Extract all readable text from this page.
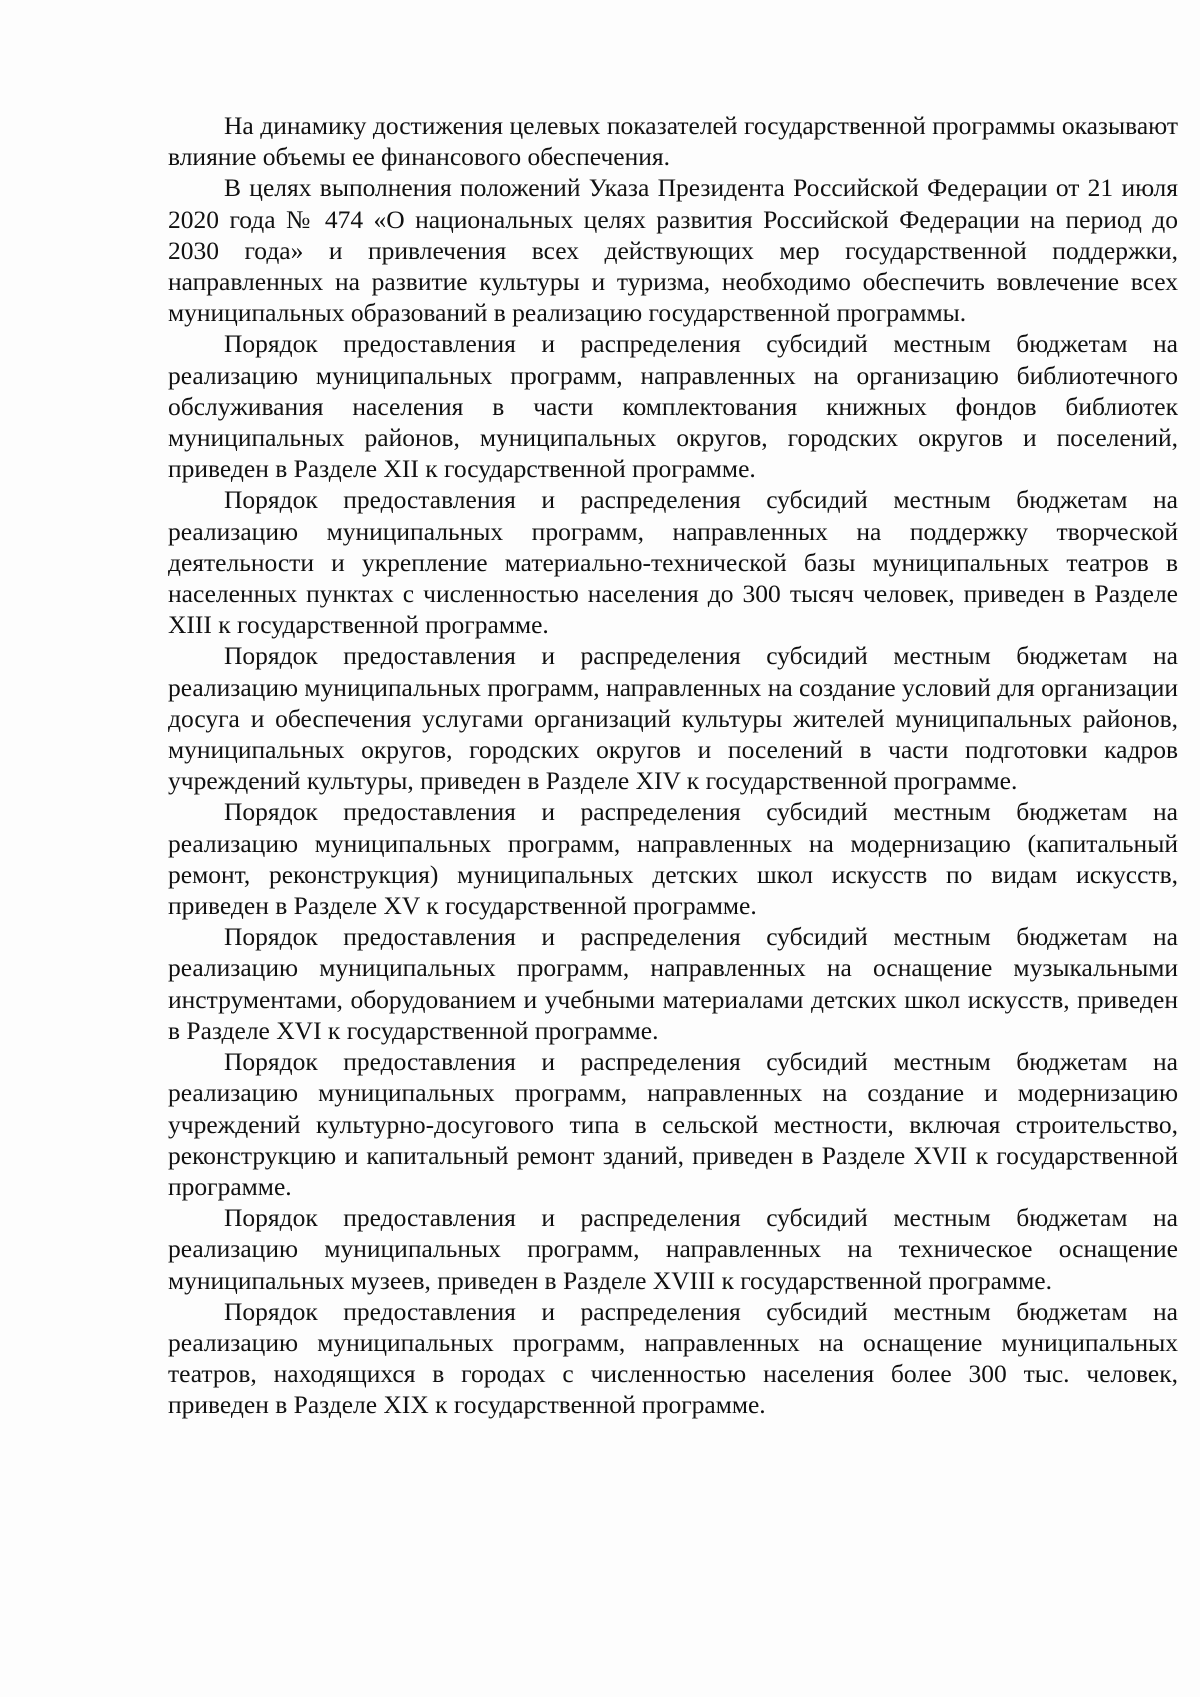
На динамику достижения целевых показателей государственной программы оказывают влияние объемы ее финансового обеспечения.

В целях выполнения положений Указа Президента Российской Федерации от 21 июля 2020 года № 474 «О национальных целях развития Российской Федерации на период до 2030 года» и привлечения всех действующих мер государственной поддержки, направленных на развитие культуры и туризма, необходимо обеспечить вовлечение всех муниципальных образований в реализацию государственной программы.

Порядок предоставления и распределения субсидий местным бюджетам на реализацию муниципальных программ, направленных на организацию библиотечного обслуживания населения в части комплектования книжных фондов библиотек муниципальных районов, муниципальных округов, городских округов и поселений, приведен в Разделе XII к государственной программе.

Порядок предоставления и распределения субсидий местным бюджетам на реализацию муниципальных программ, направленных на поддержку творческой деятельности и укрепление материально-технической базы муниципальных театров в населенных пунктах с численностью населения до 300 тысяч человек, приведен в Разделе XIII к государственной программе.

Порядок предоставления и распределения субсидий местным бюджетам на реализацию муниципальных программ, направленных на создание условий для организации досуга и обеспечения услугами организаций культуры жителей муниципальных районов, муниципальных округов, городских округов и поселений в части подготовки кадров учреждений культуры, приведен в Разделе XIV к государственной программе.

Порядок предоставления и распределения субсидий местным бюджетам на реализацию муниципальных программ, направленных на модернизацию (капитальный ремонт, реконструкция) муниципальных детских школ искусств по видам искусств, приведен в Разделе XV к государственной программе.

Порядок предоставления и распределения субсидий местным бюджетам на реализацию муниципальных программ, направленных на оснащение музыкальными инструментами, оборудованием и учебными материалами детских школ искусств, приведен в Разделе XVI к государственной программе.

Порядок предоставления и распределения субсидий местным бюджетам на реализацию муниципальных программ, направленных на создание и модернизацию учреждений культурно-досугового типа в сельской местности, включая строительство, реконструкцию и капитальный ремонт зданий, приведен в Разделе XVII к государственной программе.

Порядок предоставления и распределения субсидий местным бюджетам на реализацию муниципальных программ, направленных на техническое оснащение муниципальных музеев, приведен в Разделе XVIII к государственной программе.

Порядок предоставления и распределения субсидий местным бюджетам на реализацию муниципальных программ, направленных на оснащение муниципальных театров, находящихся в городах с численностью населения более 300 тыс. человек, приведен в Разделе XIX к государственной программе.
